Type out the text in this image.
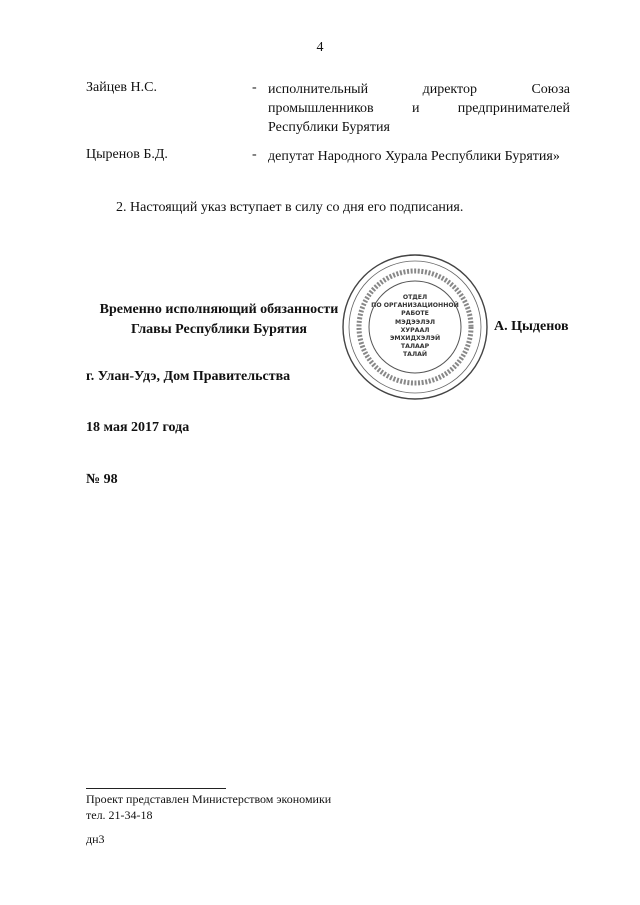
4
Зайцев Н.С.	- исполнительный директор Союза промышленников и предпринимателей Республики Бурятия
Цыренов Б.Д.	- депутат Народного Хурала Республики Бурятия»
2. Настоящий указ вступает в силу со дня его подписания.
Временно исполняющий обязанности
Главы Республики Бурятия
ОТДЕЛ
ПО ОРГАНИЗАЦИОННОЙ
РАБОТЕ
МЭДЭЭЛЭЛ
ХУРААЛ
ЭМХИДХЭЛЭЙ
ТАЛААР
ТАЛАЙ
А. Цыденов
г. Улан-Удэ, Дом Правительства
18 мая 2017 года
№ 98
Проект представлен Министерством экономики
тел. 21-34-18
дн3
